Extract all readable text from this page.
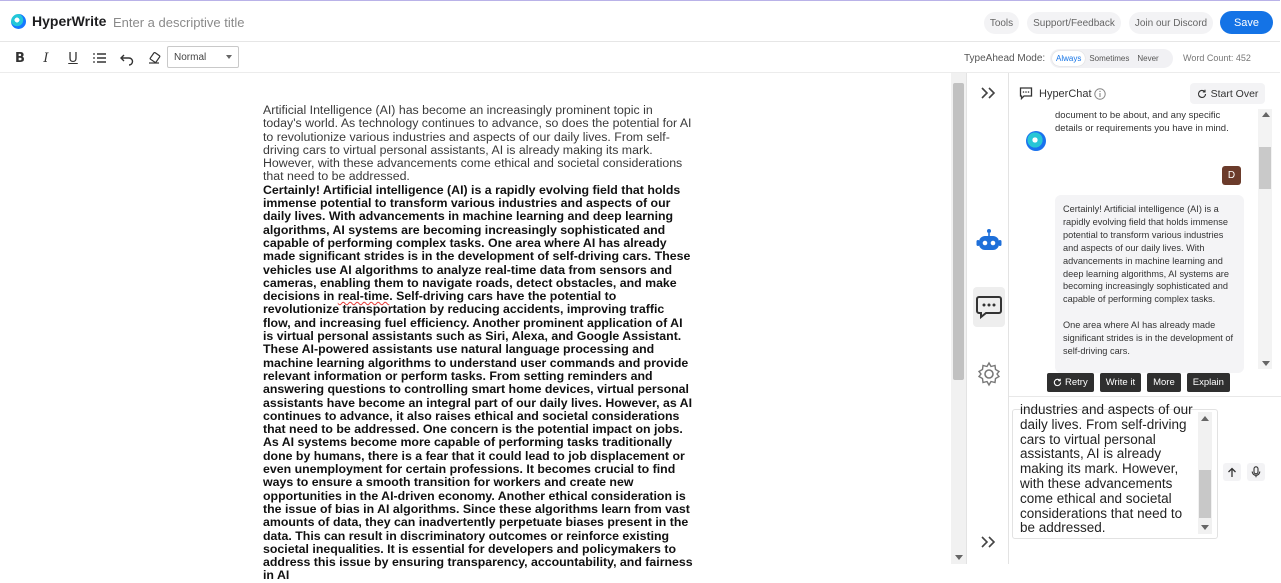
HyperWrite
Enter a descriptive title	Tools	Support/Feedback	Join our Discord	Save
B	I	U	Normal	TypeAhead Mode:	Always	Sometimes	Never	Word Count: 452

Artificial Intelligence (AI) has become an increasingly prominent topic in today's world. As technology continues to advance, so does the potential for AI to revolutionize various industries and aspects of our daily lives. From self-driving cars to virtual personal assistants, AI is already making its mark. However, with these advancements come ethical and societal considerations that need to be addressed.

Certainly! Artificial intelligence (AI) is a rapidly evolving field that holds immense potential to transform various industries and aspects of our daily lives. With advancements in machine learning and deep learning algorithms, AI systems are becoming increasingly sophisticated and capable of performing complex tasks. One area where AI has already made significant strides is in the development of self-driving cars. These vehicles use AI algorithms to analyze real-time data from sensors and cameras, enabling them to navigate roads, detect obstacles, and make decisions in real-time. Self-driving cars have the potential to revolutionize transportation by reducing accidents, improving traffic flow, and increasing fuel efficiency. Another prominent application of AI is virtual personal assistants such as Siri, Alexa, and Google Assistant. These AI-powered assistants use natural language processing and machine learning algorithms to understand user commands and provide relevant information or perform tasks. From setting reminders and answering questions to controlling smart home devices, virtual personal assistants have become an integral part of our daily lives. However, as AI continues to advance, it also raises ethical and societal considerations that need to be addressed. One concern is the potential impact on jobs. As AI systems become more capable of performing tasks traditionally done by humans, there is a fear that it could lead to job displacement or even unemployment for certain professions. It becomes crucial to find ways to ensure a smooth transition for workers and create new opportunities in the AI-driven economy. Another ethical consideration is the issue of bias in AI algorithms. Since these algorithms learn from vast amounts of data, they can inadvertently perpetuate biases present in the data. This can result in discriminatory outcomes or reinforce existing societal inequalities. It is essential for developers and policymakers to address this issue by ensuring transparency, accountability, and fairness in AI

HyperChat	Start Over
document to be about, and any specific details or requirements you have in mind.
D

Certainly! Artificial intelligence (AI) is a rapidly evolving field that holds immense potential to transform various industries and aspects of our daily lives. With advancements in machine learning and deep learning algorithms, AI systems are becoming increasingly sophisticated and capable of performing complex tasks.

One area where AI has already made significant strides is in the development of self-driving cars.

Retry	Write it	More	Explain
industries and aspects of our daily lives. From self-driving cars to virtual personal assistants, AI is already making its mark. However, with these advancements come ethical and societal considerations that need to be addressed.
